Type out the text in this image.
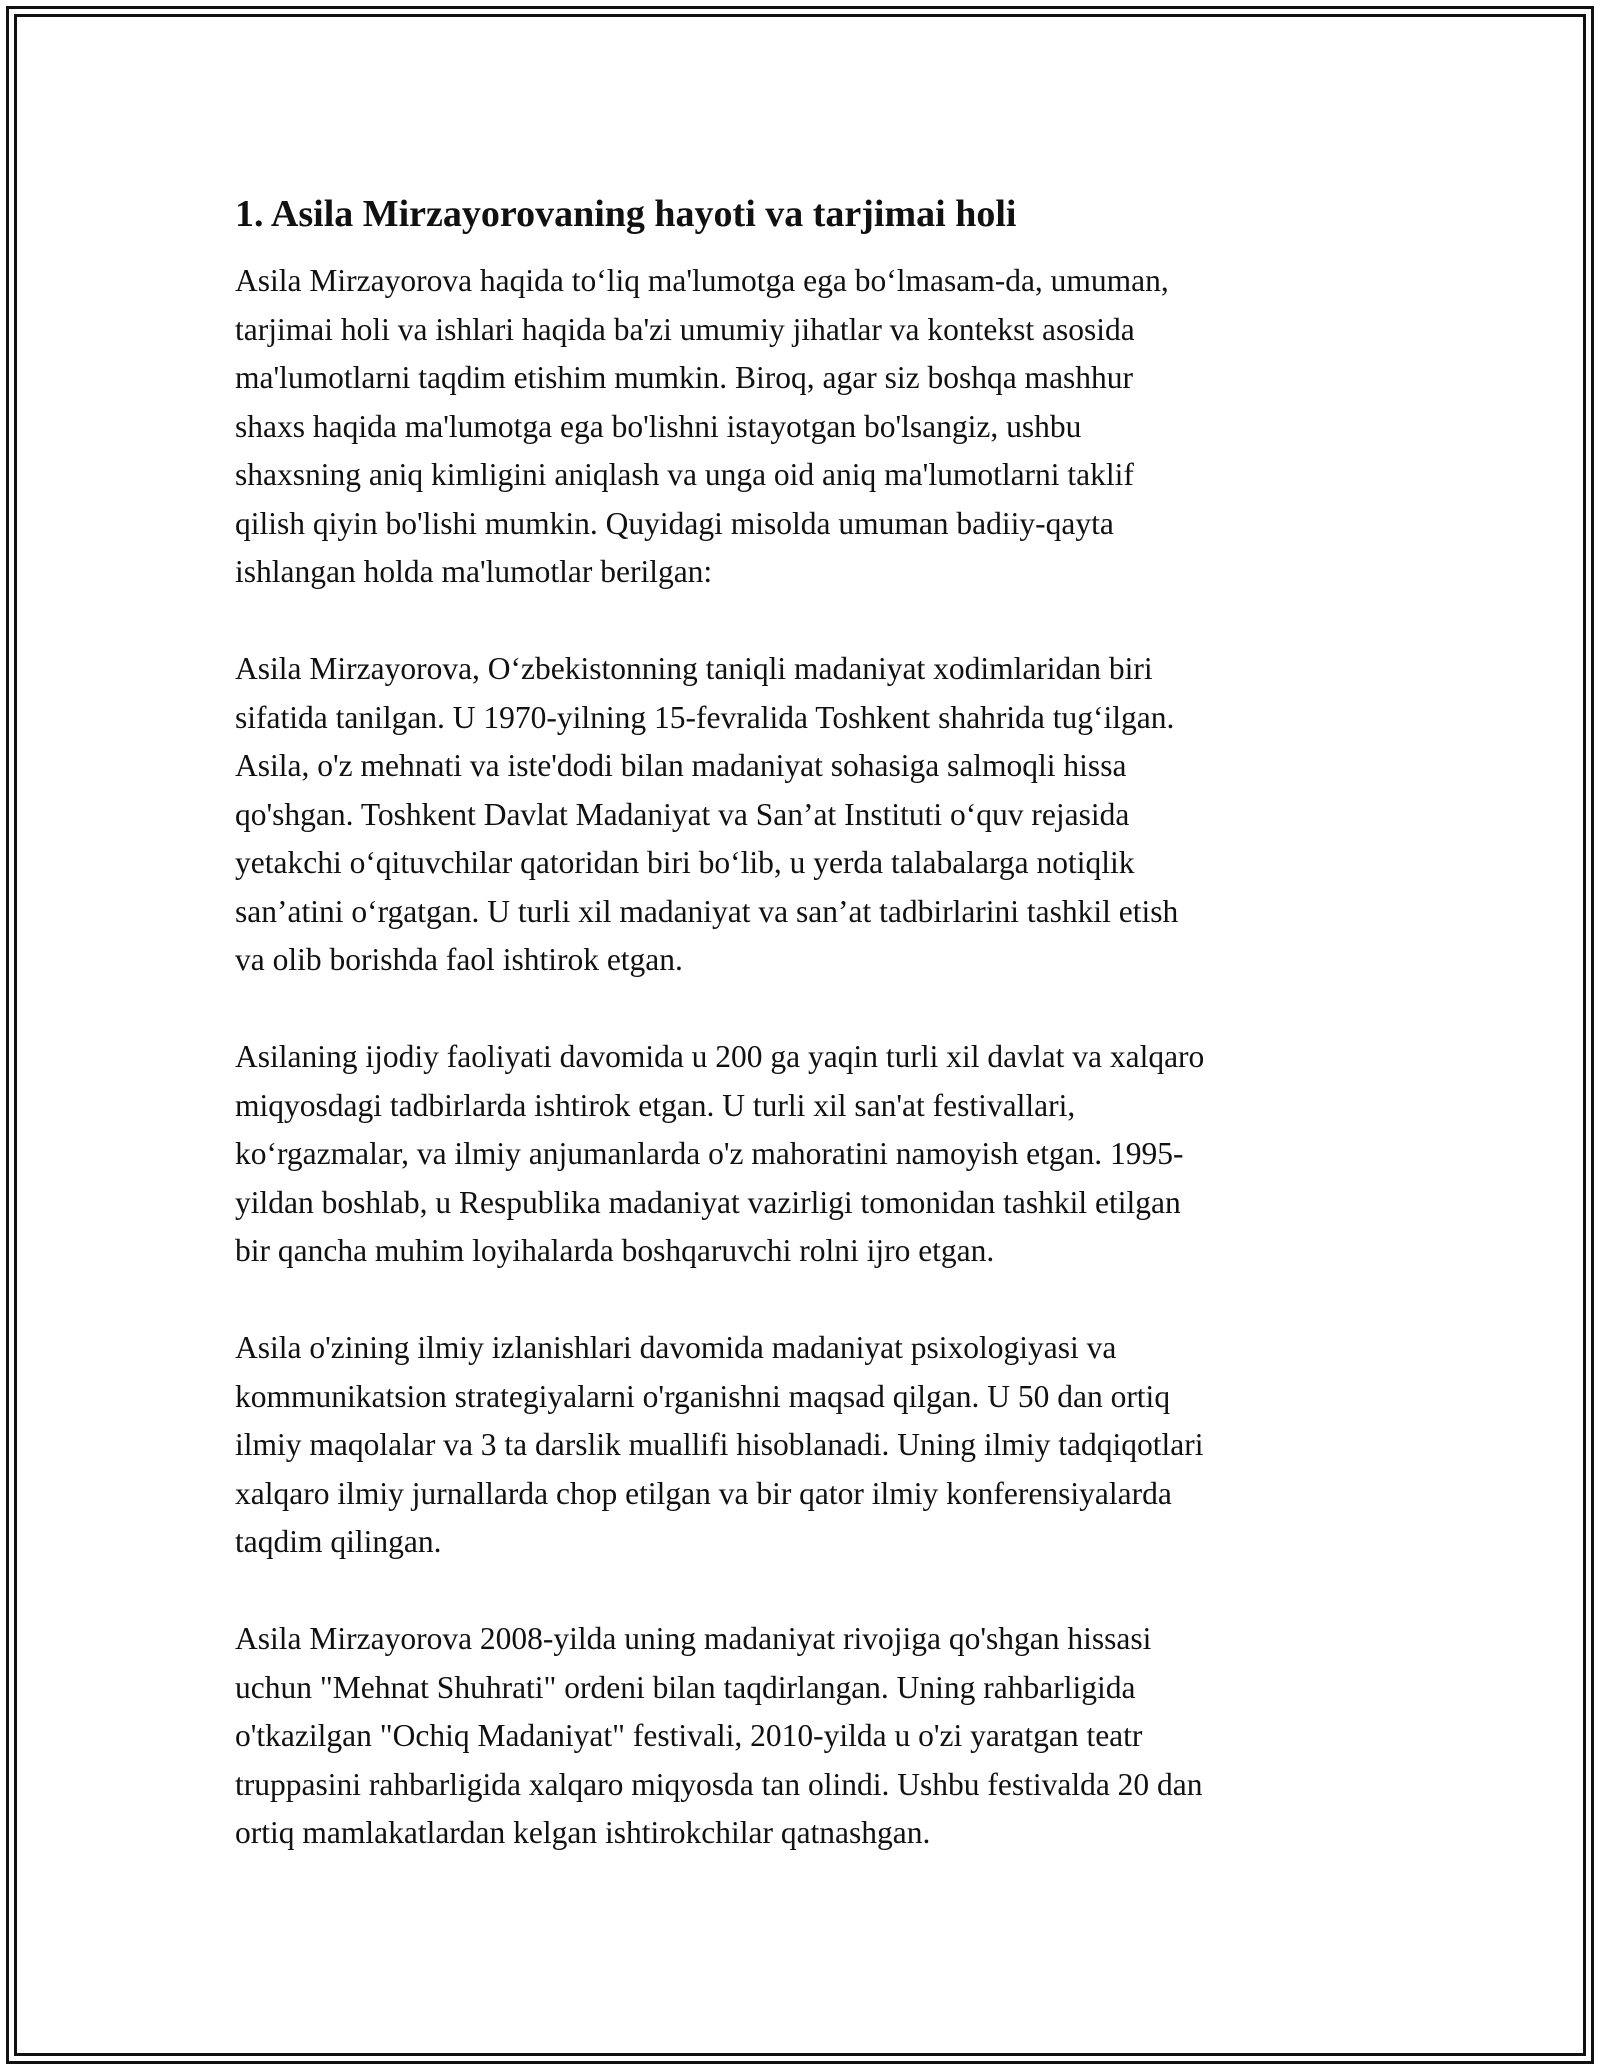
1. Asila Mirzayorovaning hayoti va tarjimai holi
Asila Mirzayorova haqida toʻliq ma'lumotga ega boʻlmasam-da, umuman,
tarjimai holi va ishlari haqida ba'zi umumiy jihatlar va kontekst asosida
ma'lumotlarni taqdim etishim mumkin. Biroq, agar siz boshqa mashhur
shaxs haqida ma'lumotga ega bo'lishni istayotgan bo'lsangiz, ushbu
shaxsning aniq kimligini aniqlash va unga oid aniq ma'lumotlarni taklif
qilish qiyin bo'lishi mumkin. Quyidagi misolda umuman badiiy-qayta
ishlangan holda ma'lumotlar berilgan:
Asila Mirzayorova, Oʻzbekistonning taniqli madaniyat xodimlaridan biri
sifatida tanilgan. U 1970-yilning 15-fevralida Toshkent shahrida tugʻilgan.
Asila, o'z mehnati va iste'dodi bilan madaniyat sohasiga salmoqli hissa
qo'shgan. Toshkent Davlat Madaniyat va San’at Instituti oʻquv rejasida
yetakchi oʻqituvchilar qatoridan biri boʻlib, u yerda talabalarga notiqlik
san’atini oʻrgatgan. U turli xil madaniyat va san’at tadbirlarini tashkil etish
va olib borishda faol ishtirok etgan.
Asilaning ijodiy faoliyati davomida u 200 ga yaqin turli xil davlat va xalqaro
miqyosdagi tadbirlarda ishtirok etgan. U turli xil san'at festivallari,
koʻrgazmalar, va ilmiy anjumanlarda o'z mahoratini namoyish etgan. 1995-
yildan boshlab, u Respublika madaniyat vazirligi tomonidan tashkil etilgan
bir qancha muhim loyihalarda boshqaruvchi rolni ijro etgan.
Asila o'zining ilmiy izlanishlari davomida madaniyat psixologiyasi va
kommunikatsion strategiyalarni o'rganishni maqsad qilgan. U 50 dan ortiq
ilmiy maqolalar va 3 ta darslik muallifi hisoblanadi. Uning ilmiy tadqiqotlari
xalqaro ilmiy jurnallarda chop etilgan va bir qator ilmiy konferensiyalarda
taqdim qilingan.
Asila Mirzayorova 2008-yilda uning madaniyat rivojiga qo'shgan hissasi
uchun "Mehnat Shuhrati" ordeni bilan taqdirlangan. Uning rahbarligida
o'tkazilgan "Ochiq Madaniyat" festivali, 2010-yilda u o'zi yaratgan teatr
truppasini rahbarligida xalqaro miqyosda tan olindi. Ushbu festivalda 20 dan
ortiq mamlakatlardan kelgan ishtirokchilar qatnashgan.
